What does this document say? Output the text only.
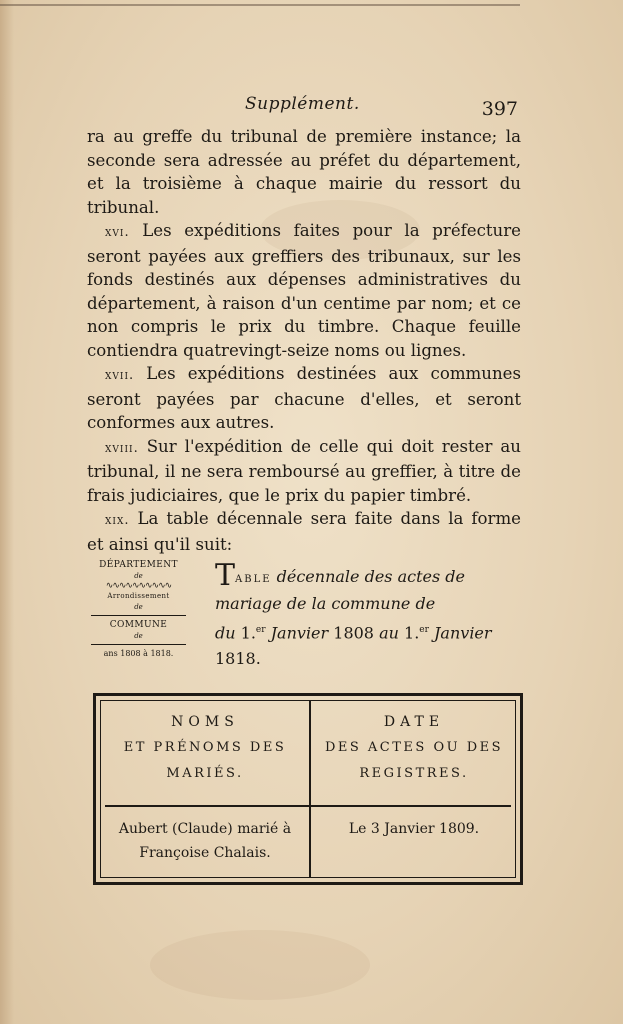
Supplément.	397

ra au greffe du tribunal de première instance; la seconde sera adressée au préfet du département, et la troisième à chaque mairie du ressort du tribunal.

xvi. Les expéditions faites pour la préfecture seront payées aux greffiers des tribunaux, sur les fonds destinés aux dépenses administratives du département, à raison d'un centime par nom; et ce non compris le prix du timbre. Chaque feuille contiendra quatrevingt-seize noms ou lignes.

xvii. Les expéditions destinées aux communes seront payées par chacune d'elles, et seront conformes aux autres.

xviii. Sur l'expédition de celle qui doit rester au tribunal, il ne sera remboursé au greffier, à titre de frais judiciaires, que le prix du papier timbré.

xix. La table décennale sera faite dans la forme et ainsi qu'il suit:

DÉPARTEMENT
de
∿∿∿∿∿∿∿∿∿∿
Arrondissement
de
COMMUNE
de
ans 1808 à 1818.
Table décennale des actes de mariage de la commune de
du 1.$^{er}$ Janvier 1808 au 1.$^{er}$ Janvier
1818.
NOMS
ET PRÉNOMS DES
MARIÉS.
Aubert (Claude) marié à
Françoise Chalais.
DATE
DES ACTES OU DES
REGISTRES.
Le 3 Janvier 1809.
